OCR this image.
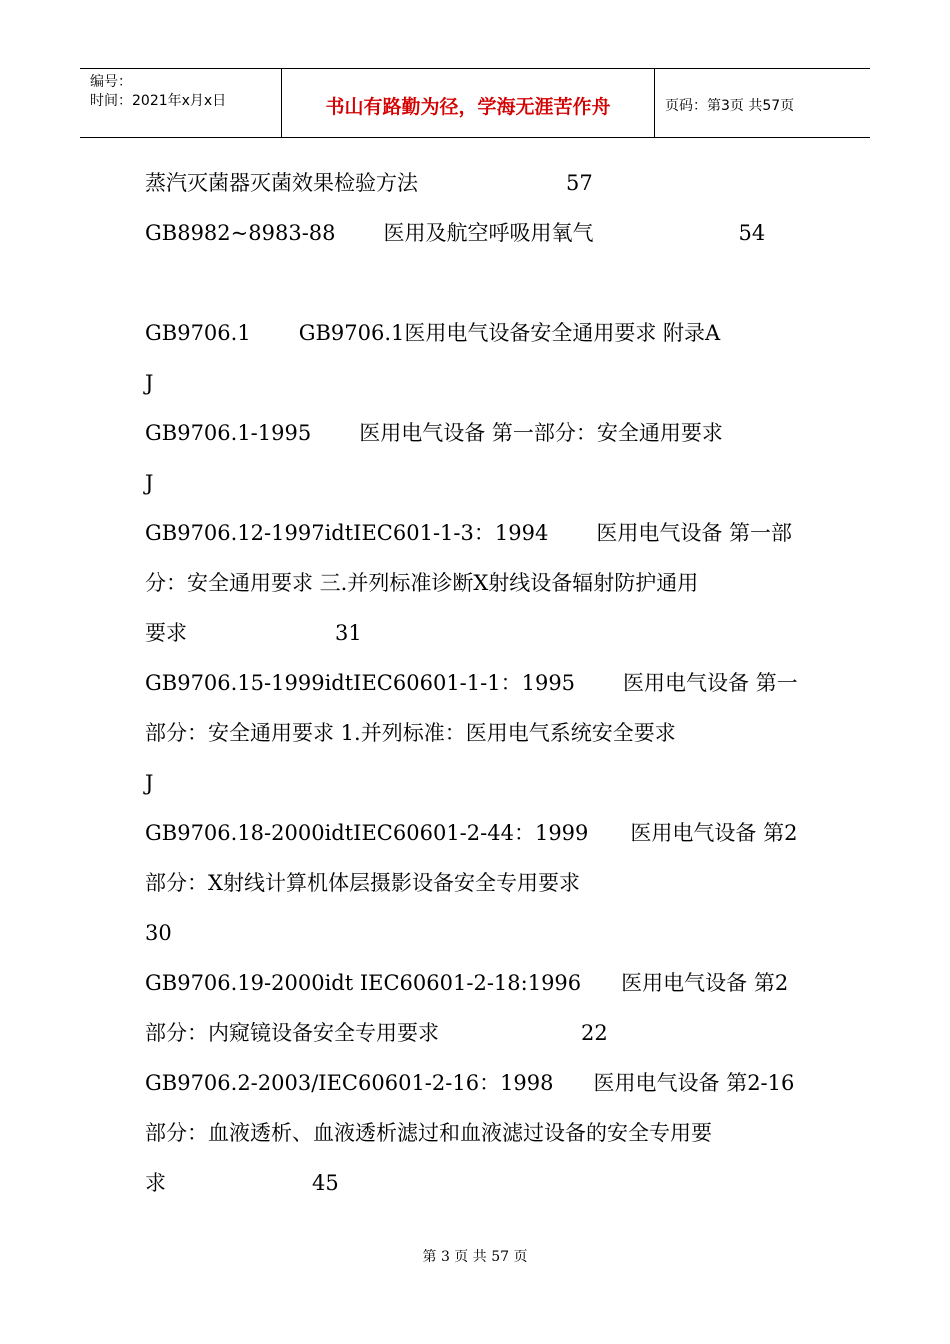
编号：
时间：2021年x月x日	书山有路勤为径，学海无涯苦作舟	页码：第3页 共57页
蒸汽灭菌器灭菌效果检验方法	57
GB8982~8983-88 医用及航空呼吸用氧气	54
GB9706.1 GB9706.1医用电气设备安全通用要求 附录A
J
GB9706.1-1995 医用电气设备 第一部分：安全通用要求
J
GB9706.12-1997idtIEC601-1-3：1994 医用电气设备 第一部
分：安全通用要求 三.并列标准诊断X射线设备辐射防护通用
要求	31
GB9706.15-1999idtIEC60601-1-1：1995 医用电气设备 第一
部分：安全通用要求 1.并列标准：医用电气系统安全要求
J
GB9706.18-2000idtIEC60601-2-44：1999 医用电气设备 第2
部分：X射线计算机体层摄影设备安全专用要求
30
GB9706.19-2000idt IEC60601-2-18:1996 医用电气设备 第2
部分：内窥镜设备安全专用要求	22
GB9706.2-2003/IEC60601-2-16：1998 医用电气设备 第2-16
部分：血液透析、血液透析滤过和血液滤过设备的安全专用要
求	45
第 3 页 共 57 页
